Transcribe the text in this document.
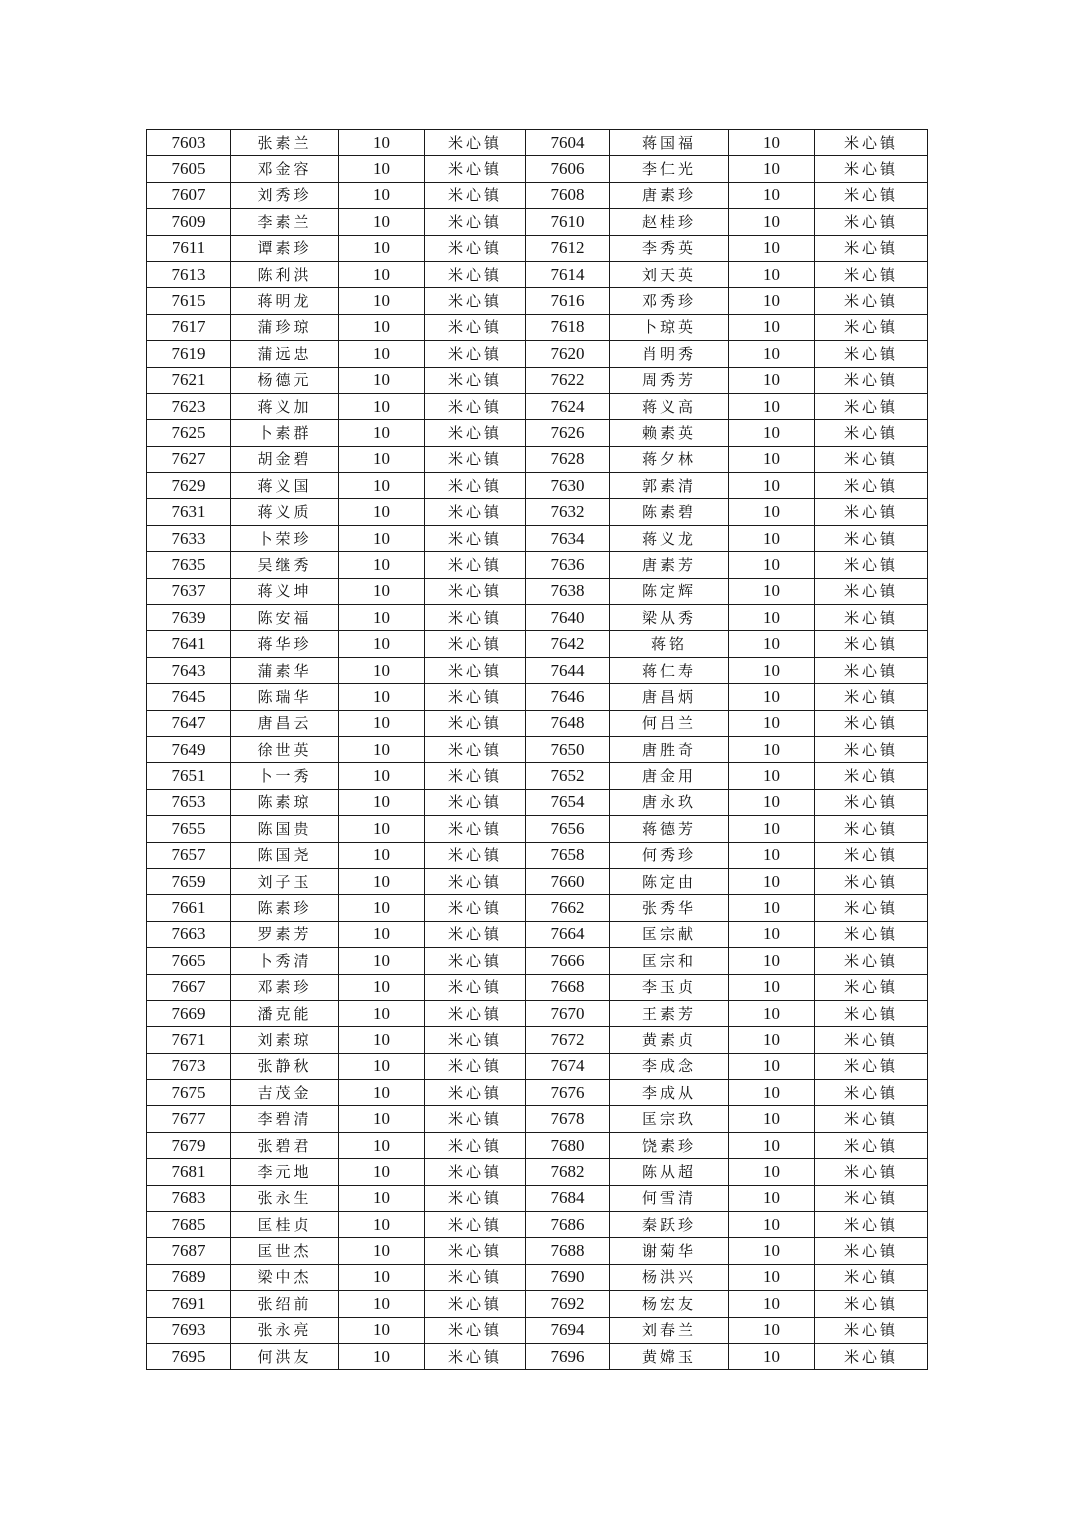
7603	张素兰	10	米心镇	7604	蒋国福	10	米心镇
7605	邓金容	10	米心镇	7606	李仁光	10	米心镇
7607	刘秀珍	10	米心镇	7608	唐素珍	10	米心镇
7609	李素兰	10	米心镇	7610	赵桂珍	10	米心镇
7611	谭素珍	10	米心镇	7612	李秀英	10	米心镇
7613	陈利洪	10	米心镇	7614	刘天英	10	米心镇
7615	蒋明龙	10	米心镇	7616	邓秀珍	10	米心镇
7617	蒲珍琼	10	米心镇	7618	卜琼英	10	米心镇
7619	蒲远忠	10	米心镇	7620	肖明秀	10	米心镇
7621	杨德元	10	米心镇	7622	周秀芳	10	米心镇
7623	蒋义加	10	米心镇	7624	蒋义高	10	米心镇
7625	卜素群	10	米心镇	7626	赖素英	10	米心镇
7627	胡金碧	10	米心镇	7628	蒋夕林	10	米心镇
7629	蒋义国	10	米心镇	7630	郭素清	10	米心镇
7631	蒋义质	10	米心镇	7632	陈素碧	10	米心镇
7633	卜荣珍	10	米心镇	7634	蒋义龙	10	米心镇
7635	吴继秀	10	米心镇	7636	唐素芳	10	米心镇
7637	蒋义坤	10	米心镇	7638	陈定辉	10	米心镇
7639	陈安福	10	米心镇	7640	梁从秀	10	米心镇
7641	蒋华珍	10	米心镇	7642	蒋铭	10	米心镇
7643	蒲素华	10	米心镇	7644	蒋仁寿	10	米心镇
7645	陈瑞华	10	米心镇	7646	唐昌炳	10	米心镇
7647	唐昌云	10	米心镇	7648	何吕兰	10	米心镇
7649	徐世英	10	米心镇	7650	唐胜奇	10	米心镇
7651	卜一秀	10	米心镇	7652	唐金用	10	米心镇
7653	陈素琼	10	米心镇	7654	唐永玖	10	米心镇
7655	陈国贵	10	米心镇	7656	蒋德芳	10	米心镇
7657	陈国尧	10	米心镇	7658	何秀珍	10	米心镇
7659	刘子玉	10	米心镇	7660	陈定由	10	米心镇
7661	陈素珍	10	米心镇	7662	张秀华	10	米心镇
7663	罗素芳	10	米心镇	7664	匡宗献	10	米心镇
7665	卜秀清	10	米心镇	7666	匡宗和	10	米心镇
7667	邓素珍	10	米心镇	7668	李玉贞	10	米心镇
7669	潘克能	10	米心镇	7670	王素芳	10	米心镇
7671	刘素琼	10	米心镇	7672	黄素贞	10	米心镇
7673	张静秋	10	米心镇	7674	李成念	10	米心镇
7675	吉茂金	10	米心镇	7676	李成从	10	米心镇
7677	李碧清	10	米心镇	7678	匡宗玖	10	米心镇
7679	张碧君	10	米心镇	7680	饶素珍	10	米心镇
7681	李元地	10	米心镇	7682	陈从超	10	米心镇
7683	张永生	10	米心镇	7684	何雪清	10	米心镇
7685	匡桂贞	10	米心镇	7686	秦跃珍	10	米心镇
7687	匡世杰	10	米心镇	7688	谢菊华	10	米心镇
7689	梁中杰	10	米心镇	7690	杨洪兴	10	米心镇
7691	张绍前	10	米心镇	7692	杨宏友	10	米心镇
7693	张永亮	10	米心镇	7694	刘春兰	10	米心镇
7695	何洪友	10	米心镇	7696	黄嫦玉	10	米心镇
